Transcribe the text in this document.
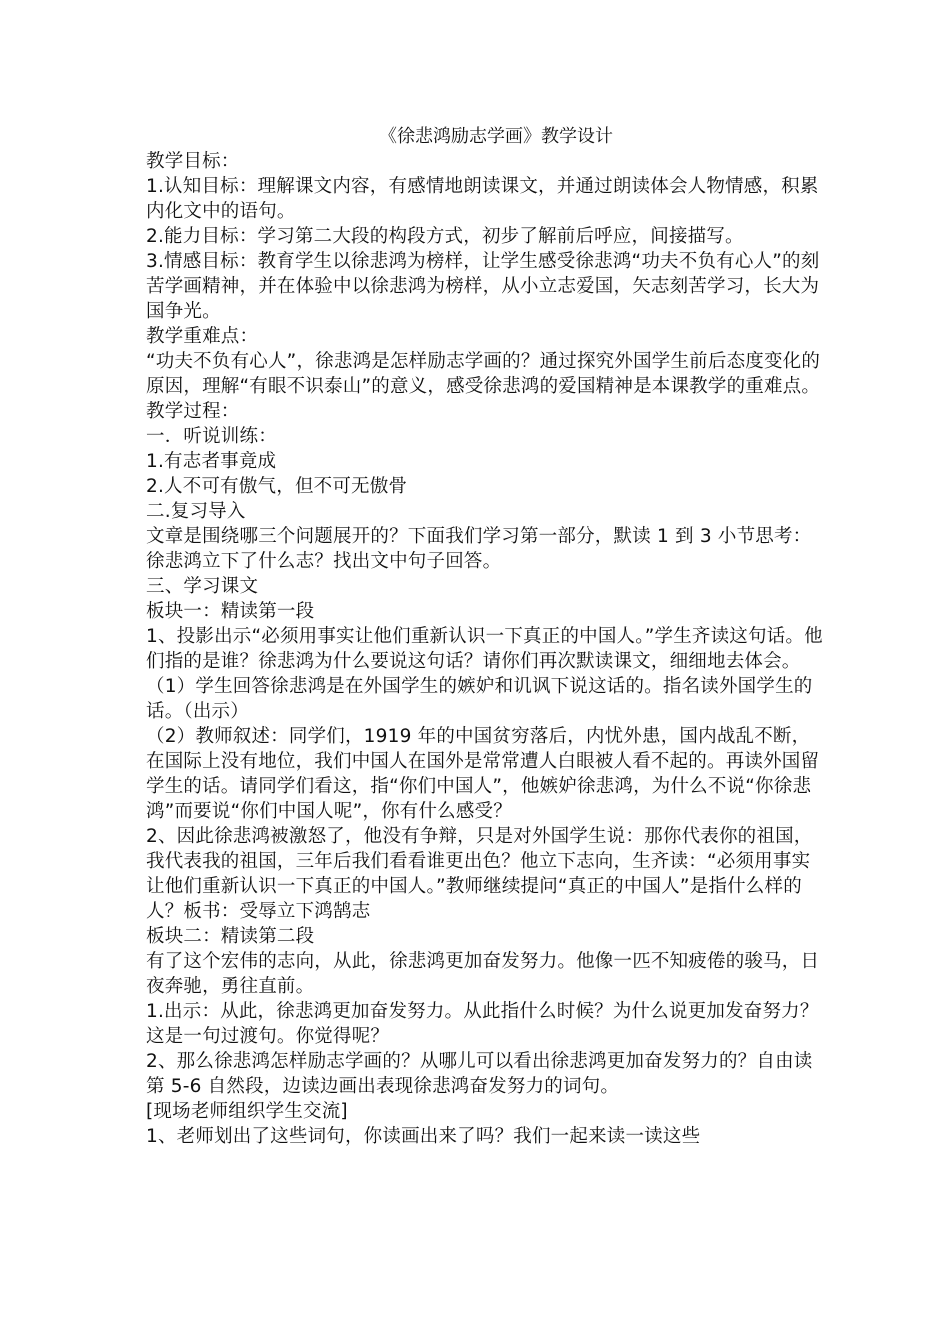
《徐悲鸿励志学画》教学设计

教学目标：

1.认知目标：理解课文内容，有感情地朗读课文，并通过朗读体会人物情感，积累内化文中的语句。

2.能力目标：学习第二大段的构段方式，初步了解前后呼应，间接描写。

3.情感目标：教育学生以徐悲鸿为榜样，让学生感受徐悲鸿“功夫不负有心人”的刻苦学画精神，并在体验中以徐悲鸿为榜样，从小立志爱国，矢志刻苦学习，长大为国争光。

教学重难点：

“功夫不负有心人”，徐悲鸿是怎样励志学画的？通过探究外国学生前后态度变化的原因，理解“有眼不识泰山”的意义，感受徐悲鸿的爱国精神是本课教学的重难点。

教学过程：

一．听说训练：

1.有志者事竟成

2.人不可有傲气，但不可无傲骨

二.复习导入

文章是围绕哪三个问题展开的？下面我们学习第一部分，默读 1 到 3 小节思考：徐悲鸿立下了什么志？找出文中句子回答。

三、学习课文

板块一：精读第一段

1、投影出示“必须用事实让他们重新认识一下真正的中国人。”学生齐读这句话。他们指的是谁？徐悲鸿为什么要说这句话？请你们再次默读课文，细细地去体会。

（1）学生回答徐悲鸿是在外国学生的嫉妒和讥讽下说这话的。指名读外国学生的话。（出示）

（2）教师叙述：同学们，1919 年的中国贫穷落后，内忧外患，国内战乱不断，在国际上没有地位，我们中国人在国外是常常遭人白眼被人看不起的。再读外国留学生的话。请同学们看这，指“你们中国人”，他嫉妒徐悲鸿，为什么不说“你徐悲鸿”而要说“你们中国人呢”，你有什么感受？

2、因此徐悲鸿被激怒了，他没有争辩，只是对外国学生说：那你代表你的祖国，我代表我的祖国，三年后我们看看谁更出色？他立下志向，生齐读：“必须用事实让他们重新认识一下真正的中国人。”教师继续提问“真正的中国人”是指什么样的人？板书：受辱立下鸿鹄志

板块二：精读第二段

有了这个宏伟的志向，从此，徐悲鸿更加奋发努力。他像一匹不知疲倦的骏马，日夜奔驰，勇往直前。

1.出示：从此，徐悲鸿更加奋发努力。从此指什么时候？为什么说更加发奋努力？这是一句过渡句。你觉得呢？

2、那么徐悲鸿怎样励志学画的？从哪儿可以看出徐悲鸿更加奋发努力的？自由读第 5-6 自然段，边读边画出表现徐悲鸿奋发努力的词句。

[现场老师组织学生交流]

1、老师划出了这些词句，你读画出来了吗？我们一起来读一读这些
